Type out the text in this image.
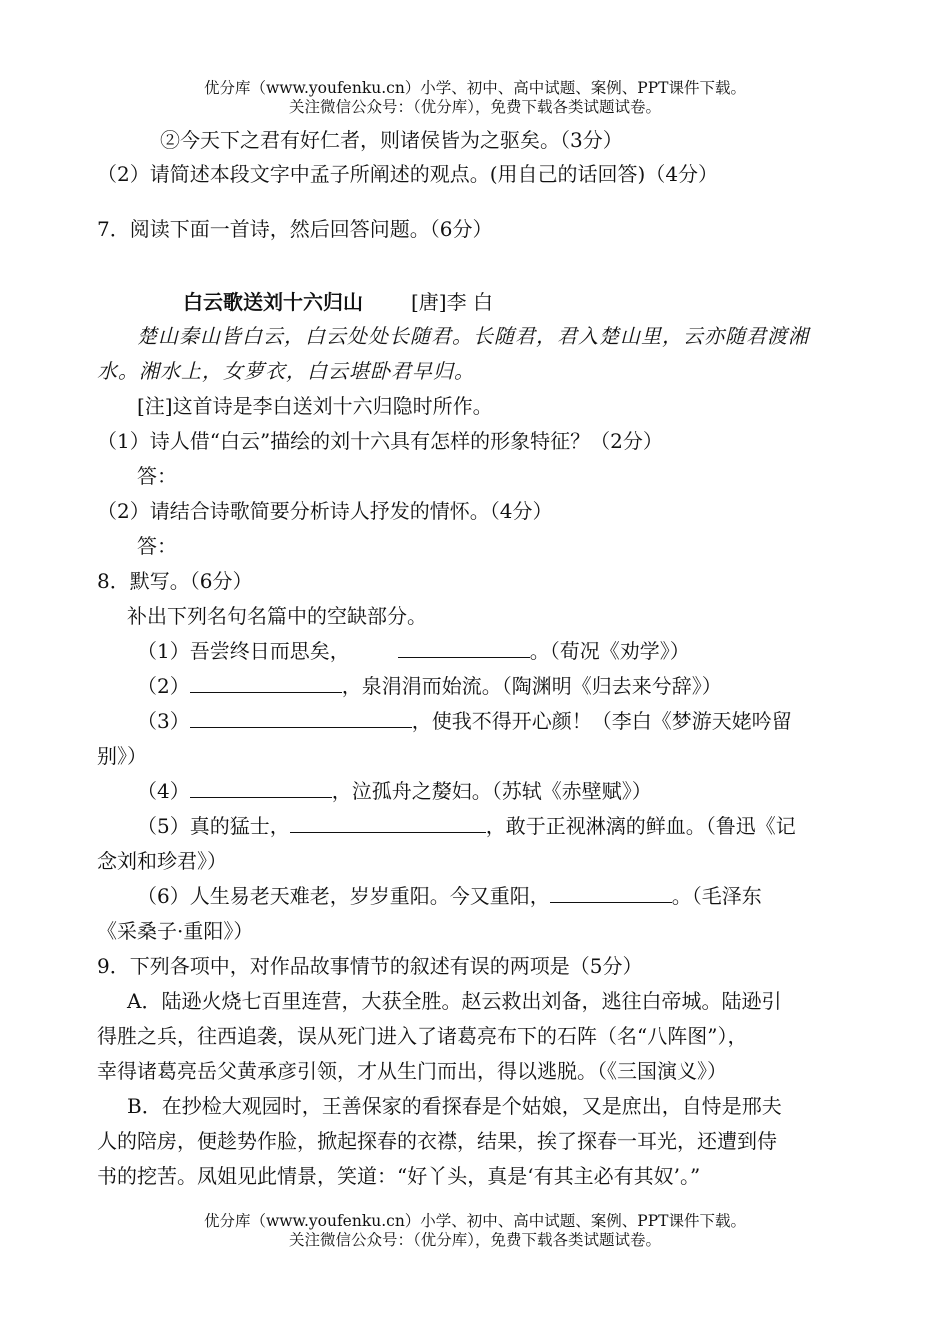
优分库（www.youfenku.cn）小学、初中、高中试题、案例、PPT课件下载。
关注微信公众号：（优分库），免费下载各类试题试卷。
②今天下之君有好仁者，则诸侯皆为之驱矣。（3分）
（2）请简述本段文字中孟子所阐述的观点。(用自己的话回答)（4分）
7．阅读下面一首诗，然后回答问题。（6分）
白云歌送刘十六归山 [唐]李 白
楚山秦山皆白云，白云处处长随君。长随君，君入楚山里，云亦随君渡湘
水。湘水上，女萝衣，白云堪卧君早归。
[注]这首诗是李白送刘十六归隐时所作。
（1）诗人借“白云”描绘的刘十六具有怎样的形象特征？（2分）
答：
（2）请结合诗歌简要分析诗人抒发的情怀。（4分）
答：
8．默写。（6分）
补出下列名句名篇中的空缺部分。
（1）吾尝终日而思矣，	。（荀况《劝学》）
（2）	，泉涓涓而始流。（陶渊明《归去来兮辞》）
（3）	，使我不得开心颜！（李白《梦游天姥吟留
别》）
（4）	，泣孤舟之嫠妇。（苏轼《赤壁赋》）
（5）真的猛士，	，敢于正视淋漓的鲜血。（鲁迅《记
念刘和珍君》）
（6）人生易老天难老，岁岁重阳。今又重阳，	。（毛泽东
《采桑子·重阳》）
9．下列各项中，对作品故事情节的叙述有误的两项是（5分）
A．陆逊火烧七百里连营，大获全胜。赵云救出刘备，逃往白帝城。陆逊引
得胜之兵，往西追袭，误从死门进入了诸葛亮布下的石阵（名“八阵图”），
幸得诸葛亮岳父黄承彦引领，才从生门而出，得以逃脱。（《三国演义》）
B．在抄检大观园时，王善保家的看探春是个姑娘，又是庶出，自恃是邢夫
人的陪房，便趁势作脸，掀起探春的衣襟，结果，挨了探春一耳光，还遭到侍
书的挖苦。凤姐见此情景，笑道：“好丫头，真是‘有其主必有其奴’。”
优分库（www.youfenku.cn）小学、初中、高中试题、案例、PPT课件下载。
关注微信公众号：（优分库），免费下载各类试题试卷。
